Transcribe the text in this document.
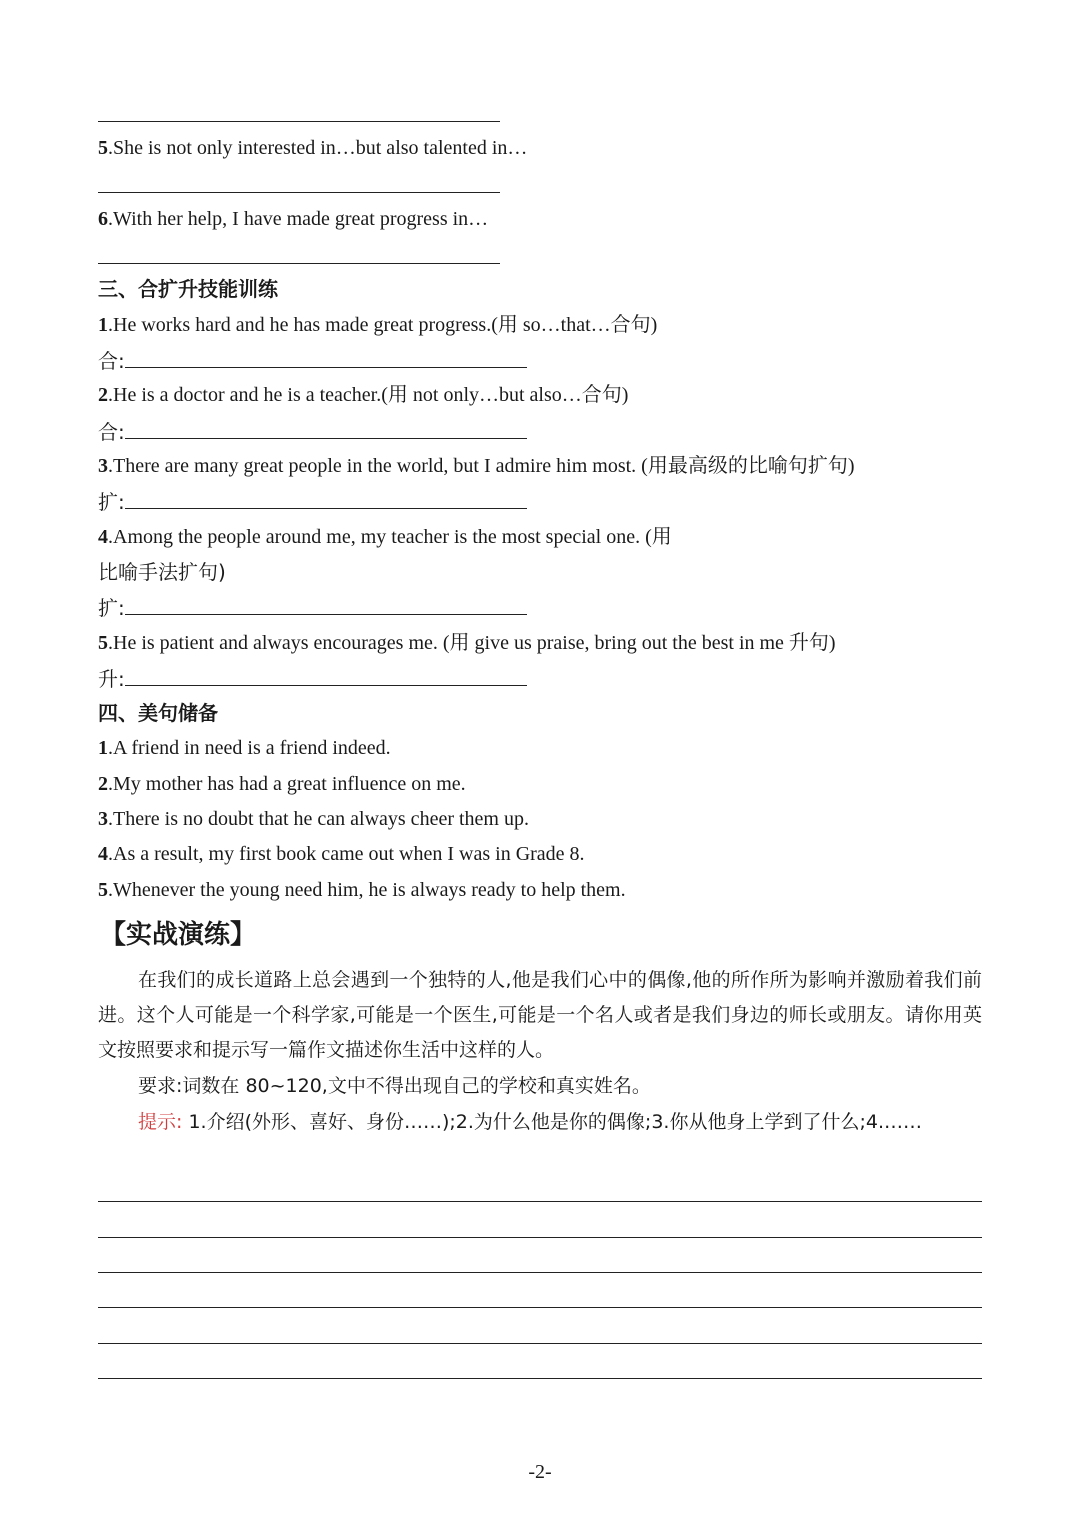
5.She is not only interested in…but also talented in…
6.With her help, I have made great progress in…
三、合扩升技能训练
1.He works hard and he has made great progress.(用 so…that…合句)
合:
2.He is a doctor and he is a teacher.(用 not only…but also…合句)
合:
3.There are many great people in the world, but I admire him most. (用最高级的比喻句扩句)
扩:
4.Among the people around me, my teacher is the most special one. (用
比喻手法扩句)
扩:
5.He is patient and always encourages me. (用 give us praise, bring out the best in me 升句)
升:
四、美句储备
1.A friend in need is a friend indeed.
2.My mother has had a great influence on me.
3.There is no doubt that he can always cheer them up.
4.As a result, my first book came out when I was in Grade 8.
5.Whenever the young need him, he is always ready to help them.
【实战演练】
在我们的成长道路上总会遇到一个独特的人,他是我们心中的偶像,他的所作所为影响并激励着我们前进。这个人可能是一个科学家,可能是一个医生,可能是一个名人或者是我们身边的师长或朋友。请你用英文按照要求和提示写一篇作文描述你生活中这样的人。
要求:词数在 80~120,文中不得出现自己的学校和真实姓名。
提示: 1.介绍(外形、喜好、身份……);2.为什么他是你的偶像;3.你从他身上学到了什么;4.……
-2-
